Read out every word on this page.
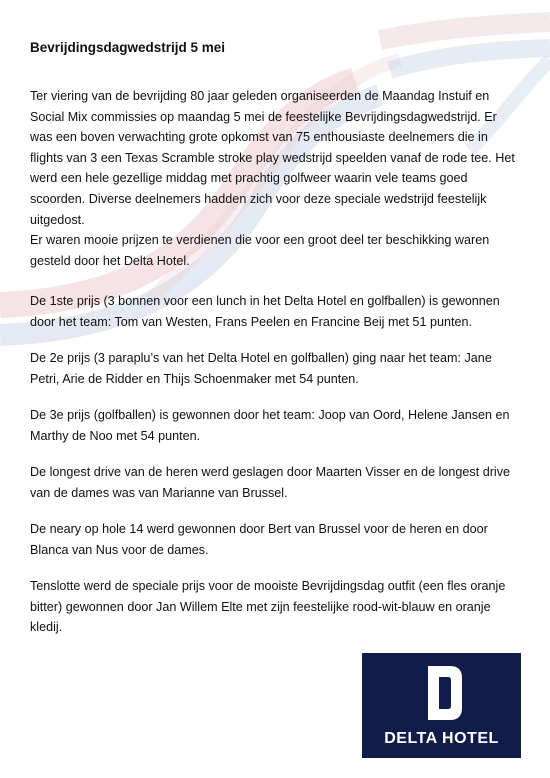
Bevrijdingsdagwedstrijd 5 mei

Ter viering van de bevrijding 80 jaar geleden organiseerden de Maandag Instuif en Social Mix commissies op maandag 5 mei de feestelijke Bevrijdingsdagwedstrijd. Er was een boven verwachting grote opkomst van 75 enthousiaste deelnemers die in flights van 3 een Texas Scramble stroke play wedstrijd speelden vanaf de rode tee. Het werd een hele gezellige middag met prachtig golfweer waarin vele teams goed scoorden. Diverse deelnemers hadden zich voor deze speciale wedstrijd feestelijk uitgedost.
Er waren mooie prijzen te verdienen die voor een groot deel ter beschikking waren gesteld door het Delta Hotel.

De 1ste prijs (3 bonnen voor een lunch in het Delta Hotel en golfballen) is gewonnen door het team: Tom van Westen, Frans Peelen en Francine Beij met 51 punten.

De 2e prijs (3 paraplu’s van het Delta Hotel en golfballen) ging naar het team: Jane Petri, Arie de Ridder en Thijs Schoenmaker met 54 punten.

De 3e prijs (golfballen) is gewonnen door het team: Joop van Oord, Helene Jansen en Marthy de Noo met 54 punten.

De longest drive van de heren werd geslagen door Maarten Visser en de longest drive van de dames was van Marianne van Brussel.

De neary op hole 14 werd gewonnen door Bert van Brussel voor de heren en door Blanca van Nus voor de dames.

Tenslotte werd de speciale prijs voor de mooiste Bevrijdingsdag outfit (een fles oranje bitter) gewonnen door Jan Willem Elte met zijn feestelijke rood-wit-blauw en oranje kledij.

DELTA HOTEL
